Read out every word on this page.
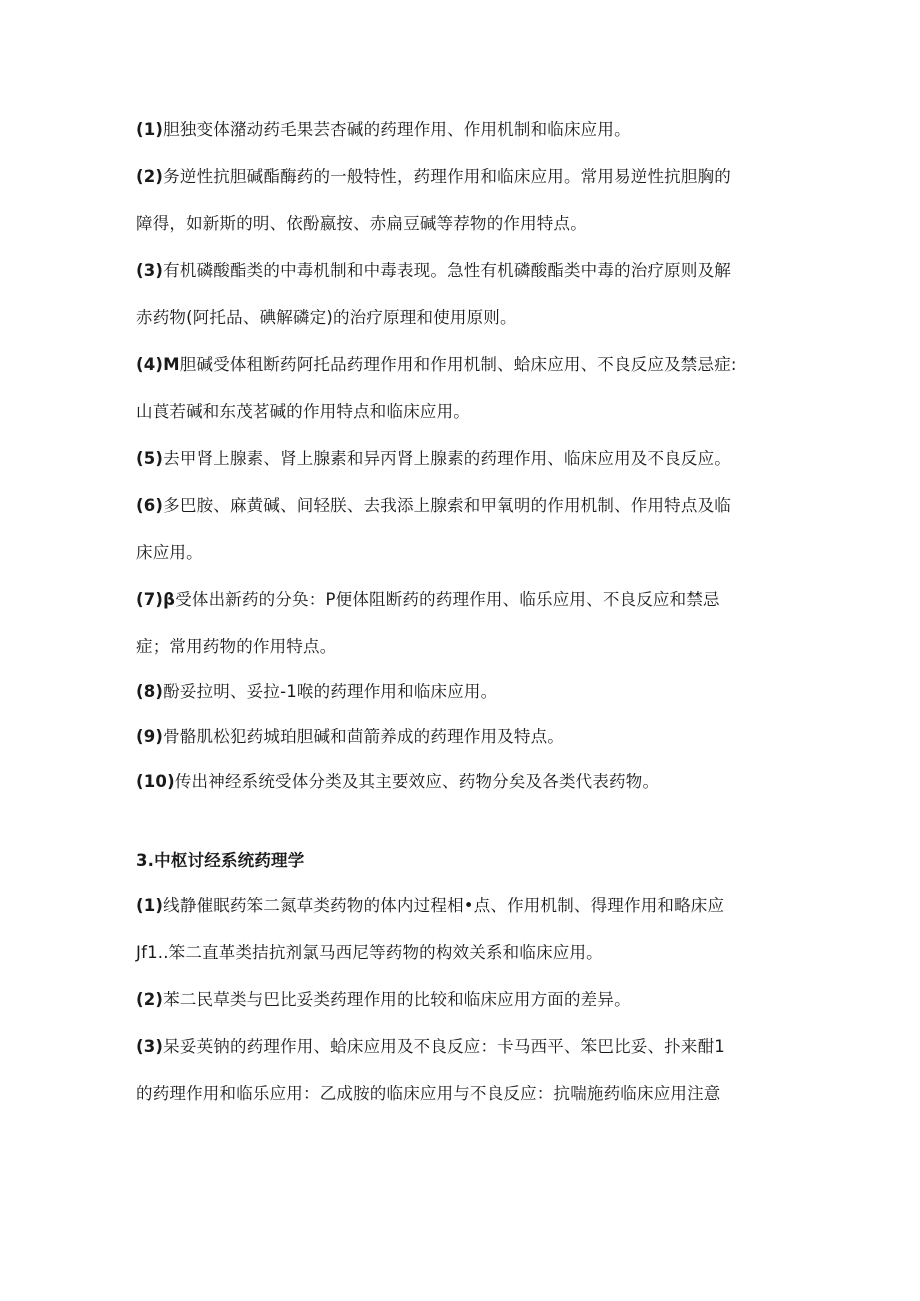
(1)胆独变体潴动药毛果芸杏碱的药理作用、作用机制和临床应用。
(2)务逆性抗胆碱酯酶药的一般特性，药理作用和临床应用。常用易逆性抗胆胸的
障得，如新斯的明、依酚嬴按、赤扁豆碱等荐物的作用特点。
(3)有机磷酸酯类的中毒机制和中毒表现。急性有机磷酸酯类中毒的治疗原则及解
赤药物(阿托品、碘解磷定)的治疗原理和使用原则。
(4)M胆碱受体租断药阿托品药理作用和作用机制、蛤床应用、不良反应及禁忌症:
山莨若碱和东茂茗碱的作用特点和临床应用。
(5)去甲肾上腺素、肾上腺素和异丙肾上腺素的药理作用、临床应用及不良反应。
(6)多巴胺、麻黄碱、间轻朕、去我添上腺索和甲氧明的作用机制、作用特点及临
床应用。
(7)β受体出新药的分奂：P便体阻断药的药理作用、临乐应用、不良反应和禁忌
症；常用药物的作用特点。
(8)酚妥拉明、妥拉-1喉的药理作用和临床应用。
(9)骨骼肌松犯药城珀胆碱和茴箭养成的药理作用及特点。
(10)传出神经系统受体分类及其主要效应、药物分矣及各类代表药物。
3.中枢讨经系统药理学
(1)线静催眠药笨二氮草类药物的体内过程相•点、作用机制、得理作用和略床应
Jf1..笨二直革类拮抗剂氯马西尼等药物的构效关系和临床应用。
(2)苯二民草类与巴比妥类药理作用的比较和临床应用方面的差异。
(3)呆妥英钠的药理作用、蛤床应用及不良反应：卡马西平、笨巴比妥、扑来酣1
的药理作用和临乐应用：乙成胺的临床应用与不良反应：抗喘施药临床应用注意
